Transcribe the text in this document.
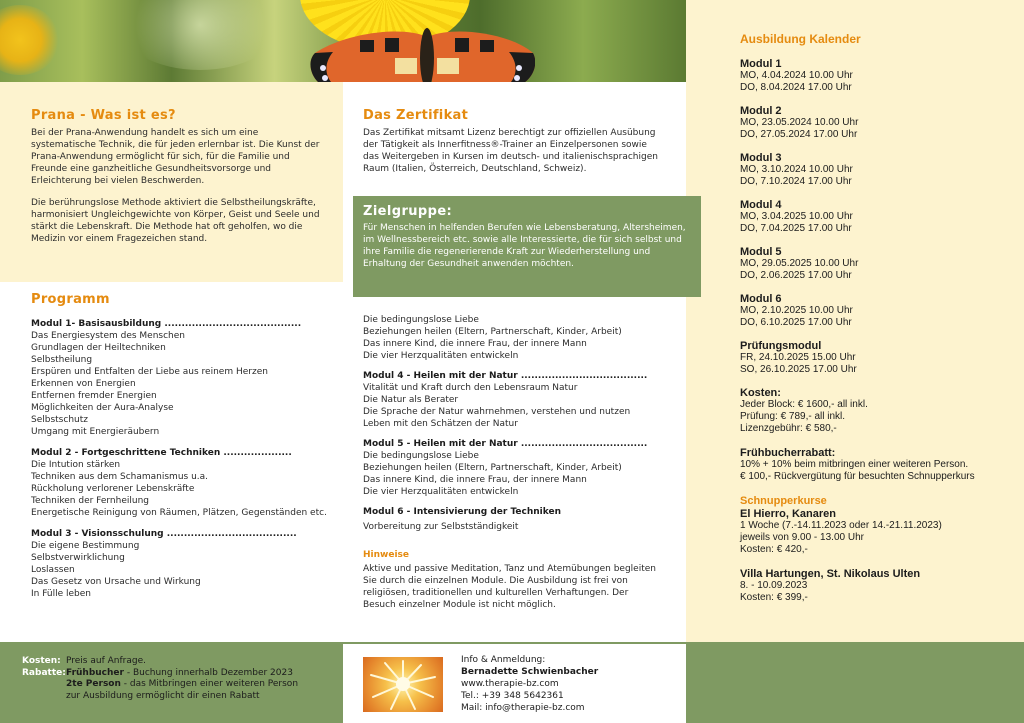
Prana - Was ist es?

Bei der Prana-Anwendung handelt es sich um eine systematische Technik, die für jeden erlernbar ist. Die Kunst der Prana-Anwendung ermöglicht für sich, für die Familie und Freunde eine ganzheitliche Gesundheitsvorsorge und Erleichterung bei vielen Beschwerden.

Die berührungslose Methode aktiviert die Selbstheilungskräfte, harmonisiert Ungleichgewichte von Körper, Geist und Seele und stärkt die Lebenskraft. Die Methode hat oft geholfen, wo die Medizin vor einem Fragezeichen stand.

Programm
Modul 1- Basisausbildung ........................................
Das Energiesystem des Menschen
Grundlagen der Heiltechniken
Selbstheilung
Erspüren und Entfalten der Liebe aus reinem Herzen
Erkennen von Energien
Entfernen fremder Energien
Möglichkeiten der Aura-Analyse
Selbstschutz
Umgang mit Energieräubern
Modul 2 - Fortgeschrittene Techniken ....................
Die Intution stärken
Techniken aus dem Schamanismus u.a.
Rückholung verlorener Lebenskräfte
Techniken der Fernheilung
Energetische Reinigung von Räumen, Plätzen, Gegenständen etc.
Modul 3 - Visionsschulung ......................................
Die eigene Bestimmung
Selbstverwirklichung
Loslassen
Das Gesetz von Ursache und Wirkung
In Fülle leben
Das Zertifikat

Das Zertifikat mitsamt Lizenz berechtigt zur offiziellen Ausübung der Tätigkeit als Innerfitness®-Trainer an Einzelpersonen sowie das Weitergeben in Kursen im deutsch- und italienischsprachigen Raum (Italien, Österreich, Deutschland, Schweiz).

Zielgruppe:

Für Menschen in helfenden Berufen wie Lebensberatung, Altersheimen, im Wellnessbereich etc. sowie alle Interessierte, die für sich selbst und ihre Familie die regenerierende Kraft zur Wiederherstellung und Erhaltung der Gesundheit anwenden möchten.

Die bedingungslose Liebe
Beziehungen heilen (Eltern, Partnerschaft, Kinder, Arbeit)
Das innere Kind, die innere Frau, der innere Mann
Die vier Herzqualitäten entwickeln
Modul 4 - Heilen mit der Natur .....................................
Vitalität und Kraft durch den Lebensraum Natur
Die Natur als Berater
Die Sprache der Natur wahrnehmen, verstehen und nutzen
Leben mit den Schätzen der Natur
Modul 5 - Heilen mit der Natur .....................................
Die bedingungslose Liebe
Beziehungen heilen (Eltern, Partnerschaft, Kinder, Arbeit)
Das innere Kind, die innere Frau, der innere Mann
Die vier Herzqualitäten entwickeln
Modul 6 - Intensivierung der Techniken
Vorbereitung zur Selbstständigkeit
Hinweise

Aktive und passive Meditation, Tanz und Atemübungen begleiten Sie durch die einzelnen Module. Die Ausbildung ist frei von religiösen, traditionellen und kulturellen Verhaftungen. Der Besuch einzelner Module ist nicht möglich.

Ausbildung Kalender
Modul 1
MO, 4.04.2024 10.00 Uhr
DO, 8.04.2024 17.00 Uhr
Modul 2
MO, 23.05.2024 10.00 Uhr
DO, 27.05.2024 17.00 Uhr
Modul 3
MO, 3.10.2024 10.00 Uhr
DO, 7.10.2024 17.00 Uhr
Modul 4
MO, 3.04.2025 10.00 Uhr
DO, 7.04.2025 17.00 Uhr
Modul 5
MO, 29.05.2025 10.00 Uhr
DO, 2.06.2025 17.00 Uhr
Modul 6
MO, 2.10.2025 10.00 Uhr
DO, 6.10.2025 17.00 Uhr
Prüfungsmodul
FR, 24.10.2025 15.00 Uhr
SO, 26.10.2025 17.00 Uhr
Kosten:
Jeder Block: € 1600,- all inkl.
Prüfung: € 789,- all inkl.
Lizenzgebühr: € 580,-
Frühbucherrabatt:
10% + 10% beim mitbringen einer weiteren Person.
€ 100,- Rückvergütung für besuchten Schnupperkurs
Schnupperkurse
El Hierro, Kanaren
1 Woche (7.-14.11.2023 oder 14.-21.11.2023)
jeweils von 9.00 - 13.00 Uhr
Kosten: € 420,-
Villa Hartungen, St. Nikolaus Ulten
8. - 10.09.2023
Kosten: € 399,-
Kosten: Preis auf Anfrage.
Rabatte: Frühbucher - Buchung innerhalb Dezember 2023
2te Person - das Mitbringen einer weiteren Person
zur Ausbildung ermöglicht dir einen Rabatt
Info & Anmeldung:
Bernadette Schwienbacher
www.therapie-bz.com
Tel.: +39 348 5642361
Mail: info@therapie-bz.com
